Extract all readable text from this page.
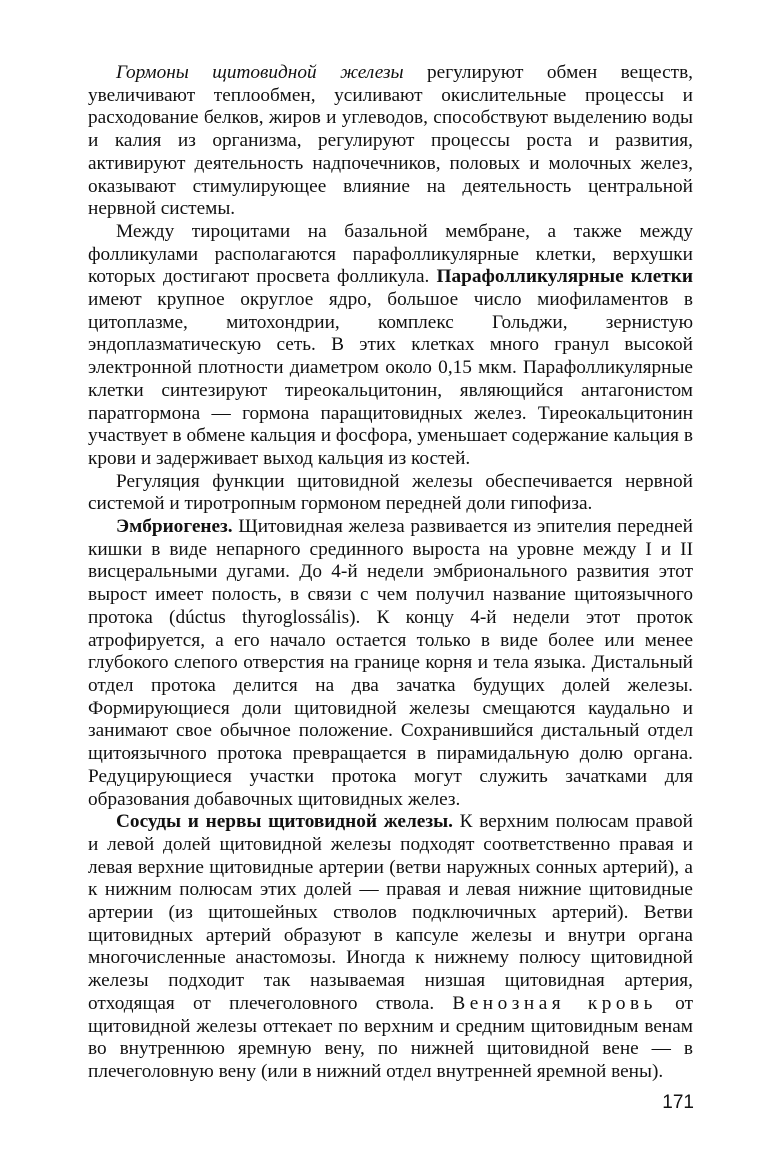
Гормоны щитовидной железы регулируют обмен веществ, увеличивают теплообмен, усиливают окислительные процессы и расходование белков, жиров и углеводов, способствуют выделению воды и калия из организма, регулируют процессы роста и развития, активируют деятельность надпочечников, половых и молочных желез, оказывают стимулирующее влияние на деятельность центральной нервной системы.

Между тироцитами на базальной мембране, а также между фолликулами располагаются парафолликулярные клетки, верхушки которых достигают просвета фолликула. Парафолликулярные клетки имеют крупное округлое ядро, большое число миофиламентов в цитоплазме, митохондрии, комплекс Гольджи, зернистую эндоплазматическую сеть. В этих клетках много гранул высокой электронной плотности диаметром около 0,15 мкм. Парафолликулярные клетки синтезируют тиреокальцитонин, являющийся антагонистом паратгормона — гормона паращитовидных желез. Тиреокальцитонин участвует в обмене кальция и фосфора, уменьшает содержание кальция в крови и задерживает выход кальция из костей.

Регуляция функции щитовидной железы обеспечивается нервной системой и тиротропным гормоном передней доли гипофиза.

Эмбриогенез. Щитовидная железа развивается из эпителия передней кишки в виде непарного срединного выроста на уровне между I и II висцеральными дугами. До 4-й недели эмбрионального развития этот вырост имеет полость, в связи с чем получил название щитоязычного протока (dúctus thyroglossális). К концу 4-й недели этот проток атрофируется, а его начало остается только в виде более или менее глубокого слепого отверстия на границе корня и тела языка. Дистальный отдел протока делится на два зачатка будущих долей железы. Формирующиеся доли щитовидной железы смещаются каудально и занимают свое обычное положение. Сохранившийся дистальный отдел щитоязычного протока превращается в пирамидальную долю органа. Редуцирующиеся участки протока могут служить зачатками для образования добавочных щитовидных желез.

Сосуды и нервы щитовидной железы. К верхним полюсам правой и левой долей щитовидной железы подходят соответственно правая и левая верхние щитовидные артерии (ветви наружных сонных артерий), а к нижним полюсам этих долей — правая и левая нижние щитовидные артерии (из щитошейных стволов подключичных артерий). Ветви щитовидных артерий образуют в капсуле железы и внутри органа многочисленные анастомозы. Иногда к нижнему полюсу щитовидной железы подходит так называемая низшая щитовидная артерия, отходящая от плечеголовного ствола. Венозная кровь от щитовидной железы оттекает по верхним и средним щитовидным венам во внутреннюю яремную вену, по нижней щитовидной вене — в плечеголовную вену (или в нижний отдел внутренней яремной вены).

171
